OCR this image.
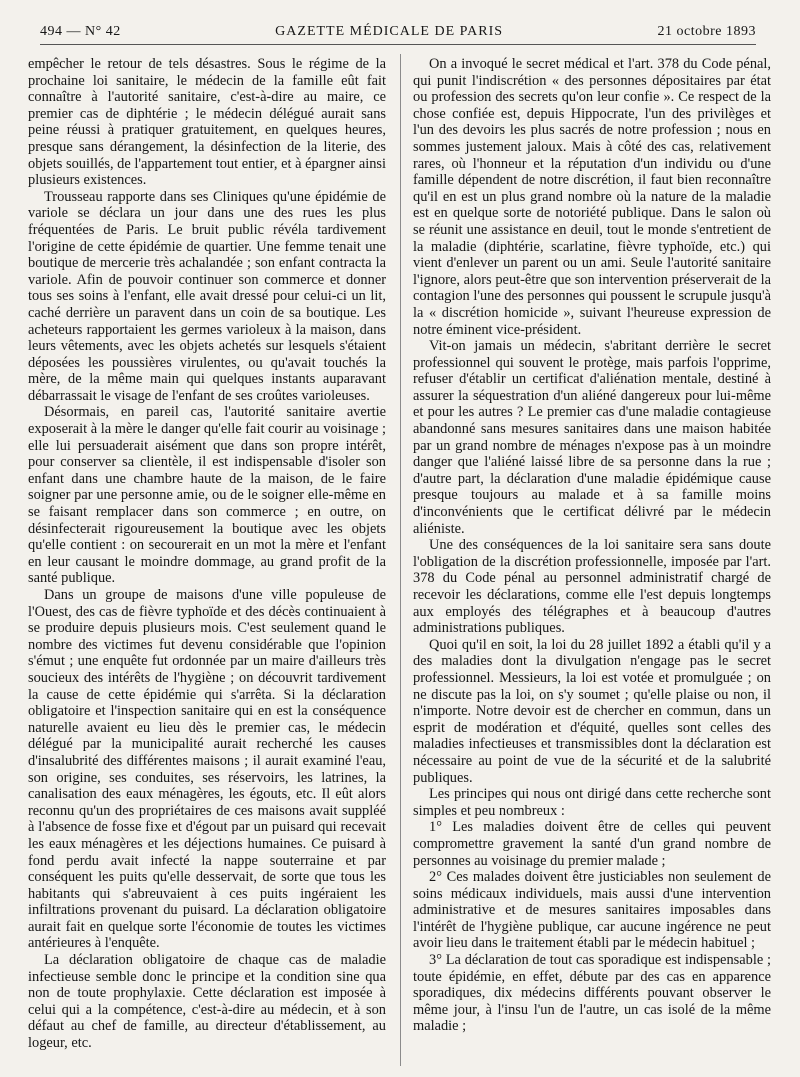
494 — N° 42	GAZETTE MÉDICALE DE PARIS	21 octobre 1893

empêcher le retour de tels désastres. Sous le régime de la prochaine loi sanitaire, le médecin de la famille eût fait connaître à l'autorité sanitaire, c'est-à-dire au maire, ce premier cas de diphtérie ; le médecin délégué aurait sans peine réussi à pratiquer gratuitement, en quelques heures, presque sans dérangement, la désinfection de la literie, des objets souillés, de l'appartement tout entier, et à épargner ainsi plusieurs existences.

Trousseau rapporte dans ses Cliniques qu'une épidémie de variole se déclara un jour dans une des rues les plus fréquentées de Paris. Le bruit public révéla tardivement l'origine de cette épidémie de quartier. Une femme tenait une boutique de mercerie très achalandée ; son enfant contracta la variole. Afin de pouvoir continuer son commerce et donner tous ses soins à l'enfant, elle avait dressé pour celui-ci un lit, caché derrière un paravent dans un coin de sa boutique. Les acheteurs rapportaient les germes varioleux à la maison, dans leurs vêtements, avec les objets achetés sur lesquels s'étaient déposées les poussières virulentes, ou qu'avait touchés la mère, de la même main qui quelques instants auparavant débarrassait le visage de l'enfant de ses croûtes varioleuses.

Désormais, en pareil cas, l'autorité sanitaire avertie exposerait à la mère le danger qu'elle fait courir au voisinage ; elle lui persuaderait aisément que dans son propre intérêt, pour conserver sa clientèle, il est indispensable d'isoler son enfant dans une chambre haute de la maison, de le faire soigner par une personne amie, ou de le soigner elle-même en se faisant remplacer dans son commerce ; en outre, on désinfecterait rigoureusement la boutique avec les objets qu'elle contient : on secourerait en un mot la mère et l'enfant en leur causant le moindre dommage, au grand profit de la santé publique.

Dans un groupe de maisons d'une ville populeuse de l'Ouest, des cas de fièvre typhoïde et des décès continuaient à se produire depuis plusieurs mois. C'est seulement quand le nombre des victimes fut devenu considérable que l'opinion s'émut ; une enquête fut ordonnée par un maire d'ailleurs très soucieux des intérêts de l'hygiène ; on découvrit tardivement la cause de cette épidémie qui s'arrêta. Si la déclaration obligatoire et l'inspection sanitaire qui en est la conséquence naturelle avaient eu lieu dès le premier cas, le médecin délégué par la municipalité aurait recherché les causes d'insalubrité des différentes maisons ; il aurait examiné l'eau, son origine, ses conduites, ses réservoirs, les latrines, la canalisation des eaux ménagères, les égouts, etc. Il eût alors reconnu qu'un des propriétaires de ces maisons avait suppléé à l'absence de fosse fixe et d'égout par un puisard qui recevait les eaux ménagères et les déjections humaines. Ce puisard à fond perdu avait infecté la nappe souterraine et par conséquent les puits qu'elle desservait, de sorte que tous les habitants qui s'abreuvaient à ces puits ingéraient les infiltrations provenant du puisard. La déclaration obligatoire aurait fait en quelque sorte l'économie de toutes les victimes antérieures à l'enquête.

La déclaration obligatoire de chaque cas de maladie infectieuse semble donc le principe et la condition sine qua non de toute prophylaxie. Cette déclaration est imposée à celui qui a la compétence, c'est-à-dire au médecin, et à son défaut au chef de famille, au directeur d'établissement, au logeur, etc.

On a invoqué le secret médical et l'art. 378 du Code pénal, qui punit l'indiscrétion « des personnes dépositaires par état ou profession des secrets qu'on leur confie ». Ce respect de la chose confiée est, depuis Hippocrate, l'un des privilèges et l'un des devoirs les plus sacrés de notre profession ; nous en sommes justement jaloux. Mais à côté des cas, relativement rares, où l'honneur et la réputation d'un individu ou d'une famille dépendent de notre discrétion, il faut bien reconnaître qu'il en est un plus grand nombre où la nature de la maladie est en quelque sorte de notoriété publique. Dans le salon où se réunit une assistance en deuil, tout le monde s'entretient de la maladie (diphtérie, scarlatine, fièvre typhoïde, etc.) qui vient d'enlever un parent ou un ami. Seule l'autorité sanitaire l'ignore, alors peut-être que son intervention préserverait de la contagion l'une des personnes qui poussent le scrupule jusqu'à la « discrétion homicide », suivant l'heureuse expression de notre éminent vice-président.

Vit-on jamais un médecin, s'abritant derrière le secret professionnel qui souvent le protège, mais parfois l'opprime, refuser d'établir un certificat d'aliénation mentale, destiné à assurer la séquestration d'un aliéné dangereux pour lui-même et pour les autres ? Le premier cas d'une maladie contagieuse abandonné sans mesures sanitaires dans une maison habitée par un grand nombre de ménages n'expose pas à un moindre danger que l'aliéné laissé libre de sa personne dans la rue ; d'autre part, la déclaration d'une maladie épidémique cause presque toujours au malade et à sa famille moins d'inconvénients que le certificat délivré par le médecin aliéniste.

Une des conséquences de la loi sanitaire sera sans doute l'obligation de la discrétion professionnelle, imposée par l'art. 378 du Code pénal au personnel administratif chargé de recevoir les déclarations, comme elle l'est depuis longtemps aux employés des télégraphes et à beaucoup d'autres administrations publiques.

Quoi qu'il en soit, la loi du 28 juillet 1892 a établi qu'il y a des maladies dont la divulgation n'engage pas le secret professionnel. Messieurs, la loi est votée et promulguée ; on ne discute pas la loi, on s'y soumet ; qu'elle plaise ou non, il n'importe. Notre devoir est de chercher en commun, dans un esprit de modération et d'équité, quelles sont celles des maladies infectieuses et transmissibles dont la déclaration est nécessaire au point de vue de la sécurité et de la salubrité publiques.

Les principes qui nous ont dirigé dans cette recherche sont simples et peu nombreux :

1° Les maladies doivent être de celles qui peuvent compromettre gravement la santé d'un grand nombre de personnes au voisinage du premier malade ;

2° Ces malades doivent être justiciables non seulement de soins médicaux individuels, mais aussi d'une intervention administrative et de mesures sanitaires imposables dans l'intérêt de l'hygiène publique, car aucune ingérence ne peut avoir lieu dans le traitement établi par le médecin habituel ;

3° La déclaration de tout cas sporadique est indispensable ; toute épidémie, en effet, débute par des cas en apparence sporadiques, dix médecins différents pouvant observer le même jour, à l'insu l'un de l'autre, un cas isolé de la même maladie ;
